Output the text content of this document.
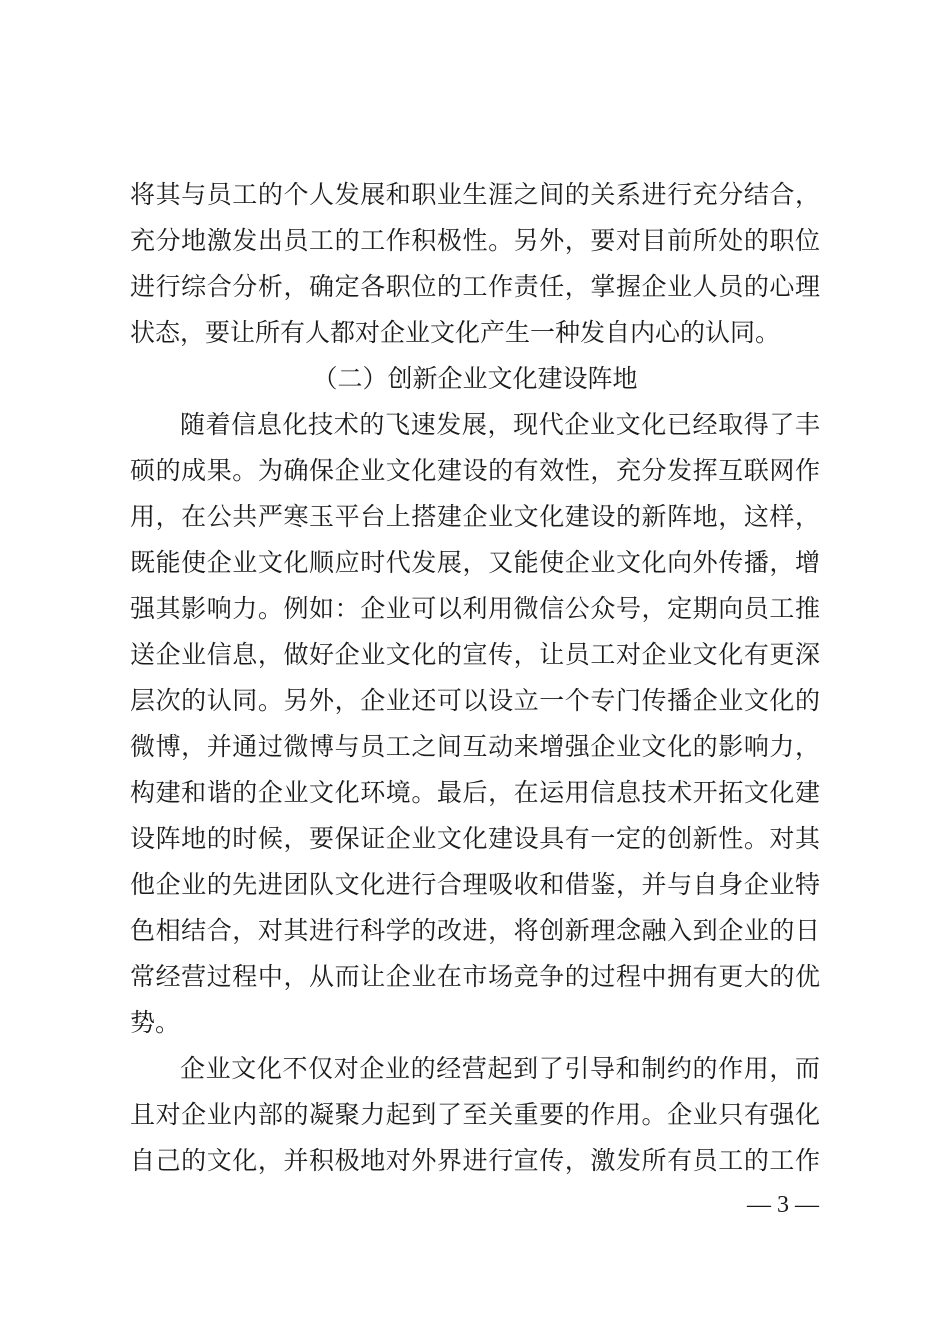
将其与员工的个人发展和职业生涯之间的关系进行充分结合，
充分地激发出员工的工作积极性。另外，要对目前所处的职位
进行综合分析，确定各职位的工作责任，掌握企业人员的心理
状态，要让所有人都对企业文化产生一种发自内心的认同。
（二）创新企业文化建设阵地
随着信息化技术的飞速发展，现代企业文化已经取得了丰
硕的成果。为确保企业文化建设的有效性，充分发挥互联网作
用，在公共严寒玉平台上搭建企业文化建设的新阵地，这样，
既能使企业文化顺应时代发展，又能使企业文化向外传播，增
强其影响力。例如：企业可以利用微信公众号，定期向员工推
送企业信息，做好企业文化的宣传，让员工对企业文化有更深
层次的认同。另外，企业还可以设立一个专门传播企业文化的
微博，并通过微博与员工之间互动来增强企业文化的影响力，
构建和谐的企业文化环境。最后，在运用信息技术开拓文化建
设阵地的时候，要保证企业文化建设具有一定的创新性。对其
他企业的先进团队文化进行合理吸收和借鉴，并与自身企业特
色相结合，对其进行科学的改进，将创新理念融入到企业的日
常经营过程中，从而让企业在市场竞争的过程中拥有更大的优
势。
企业文化不仅对企业的经营起到了引导和制约的作用，而
且对企业内部的凝聚力起到了至关重要的作用。企业只有强化
自己的文化，并积极地对外界进行宣传，激发所有员工的工作
— 3 —
